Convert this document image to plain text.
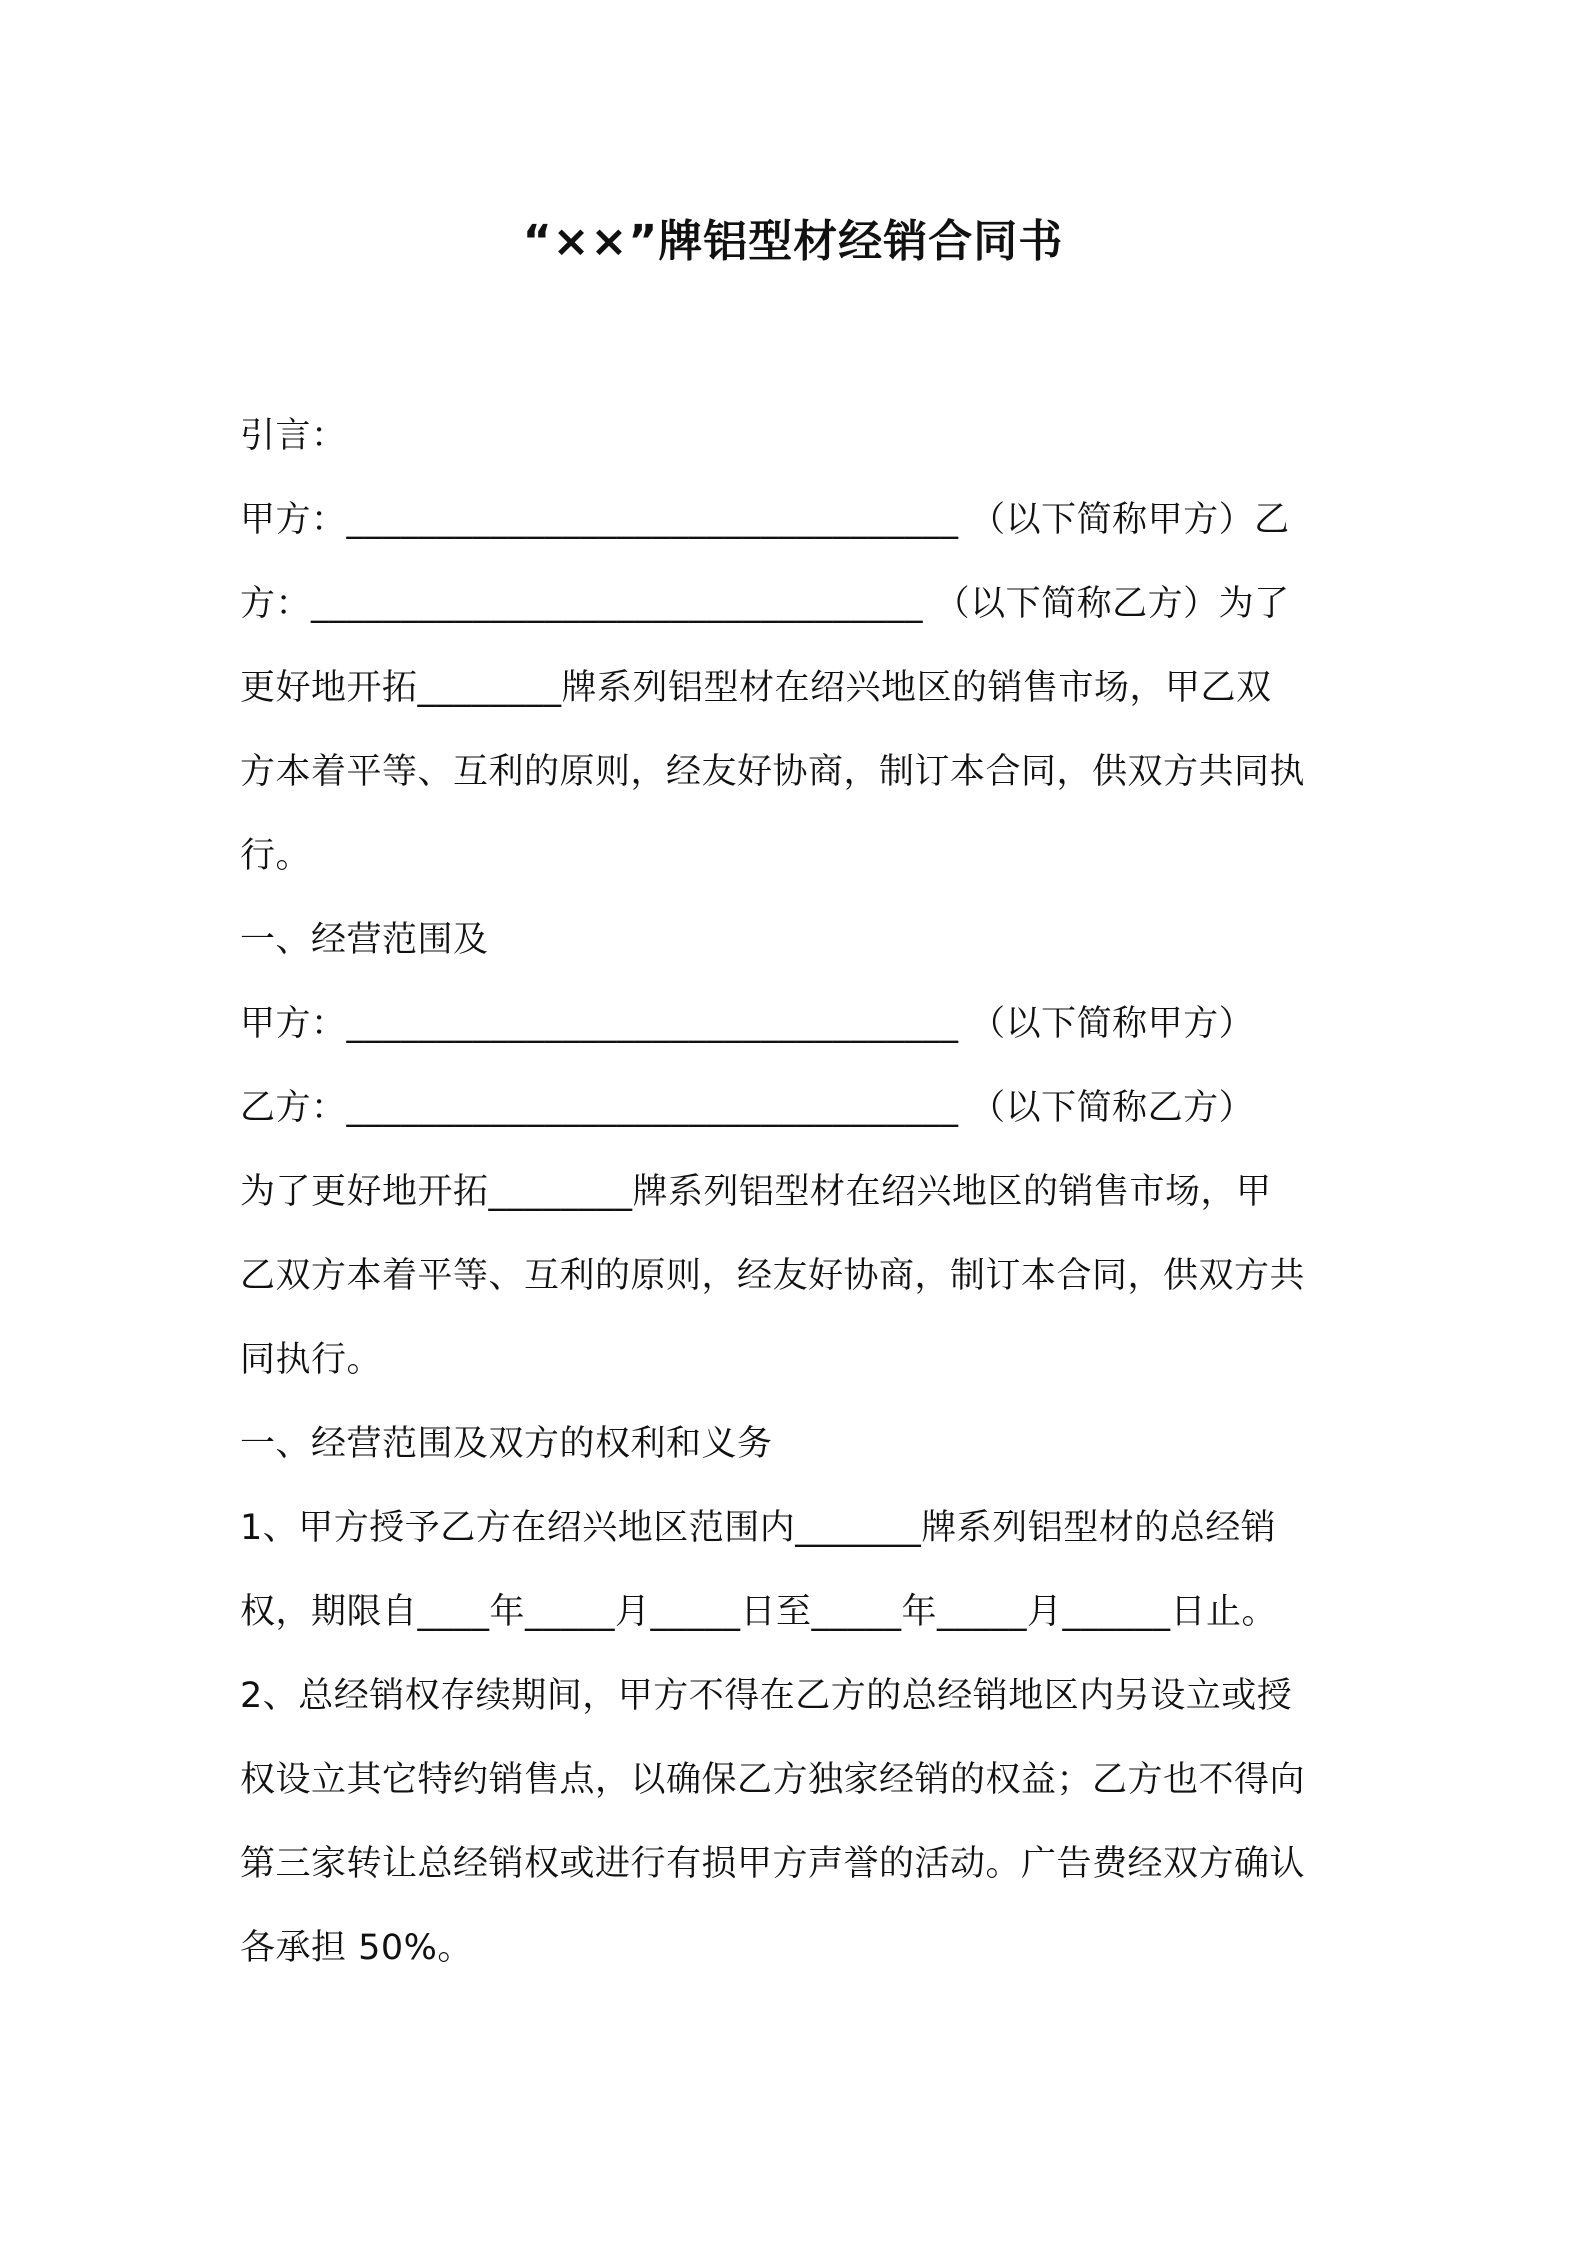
“××”牌铝型材经销合同书
引言：
甲方：__________________________________ （以下简称甲方）乙
方：__________________________________ （以下简称乙方）为了
更好地开拓________牌系列铝型材在绍兴地区的销售市场，甲乙双
方本着平等、互利的原则，经友好协商，制订本合同，供双方共同执
行。
一、经营范围及
甲方：__________________________________ （以下简称甲方）
乙方：__________________________________ （以下简称乙方）
为了更好地开拓________牌系列铝型材在绍兴地区的销售市场，甲
乙双方本着平等、互利的原则，经友好协商，制订本合同，供双方共
同执行。
一、经营范围及双方的权利和义务
1、甲方授予乙方在绍兴地区范围内_______牌系列铝型材的总经销
权，期限自____年_____月_____日至_____年_____月______日止。
2、总经销权存续期间，甲方不得在乙方的总经销地区内另设立或授
权设立其它特约销售点，以确保乙方独家经销的权益；乙方也不得向
第三家转让总经销权或进行有损甲方声誉的活动。广告费经双方确认
各承担 50%。
